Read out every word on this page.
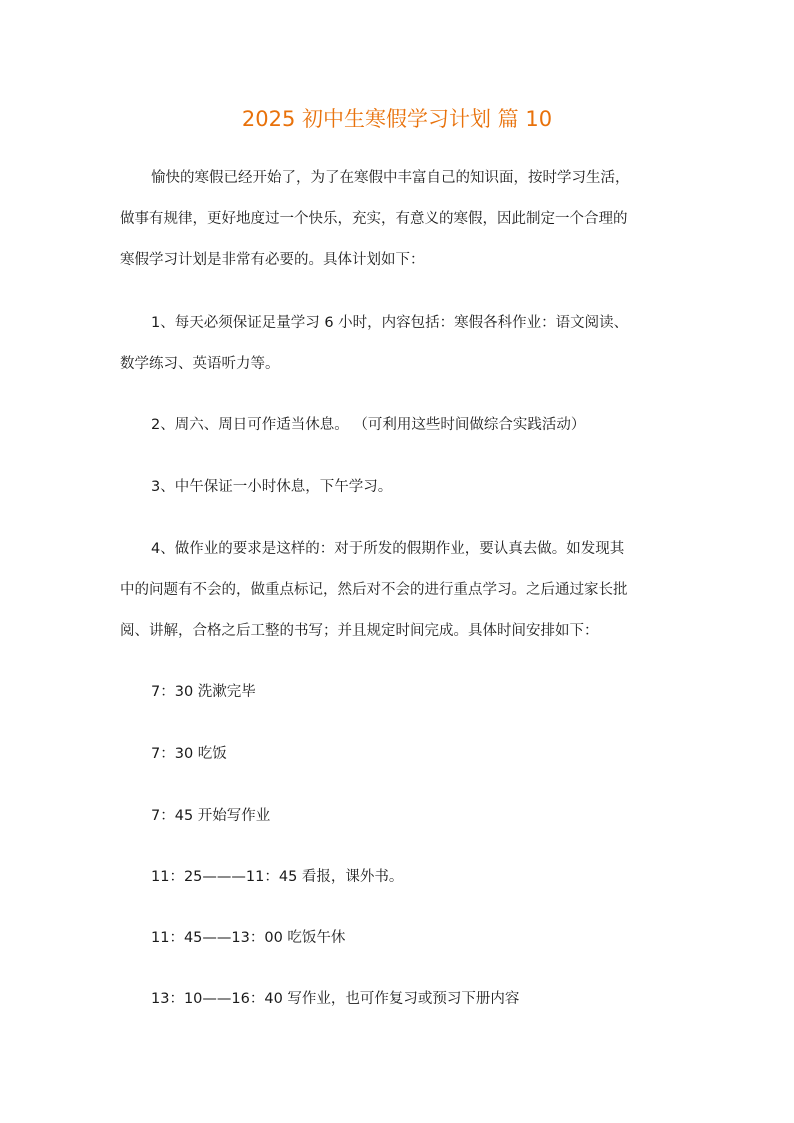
2025 初中生寒假学习计划 篇 10

愉快的寒假已经开始了，为了在寒假中丰富自己的知识面，按时学习生活，
做事有规律，更好地度过一个快乐，充实，有意义的寒假，因此制定一个合理的
寒假学习计划是非常有必要的。具体计划如下：

1、每天必须保证足量学习 6 小时，内容包括：寒假各科作业：语文阅读、
数学练习、英语听力等。

2、周六、周日可作适当休息。 （可利用这些时间做综合实践活动）

3、中午保证一小时休息，下午学习。

4、做作业的要求是这样的：对于所发的假期作业，要认真去做。如发现其
中的问题有不会的，做重点标记，然后对不会的进行重点学习。之后通过家长批
阅、讲解，合格之后工整的书写；并且规定时间完成。具体时间安排如下：

7：30 洗漱完毕

7：30 吃饭

7：45 开始写作业

11：25———11：45 看报，课外书。

11：45——13：00 吃饭午休

13：10——16：40 写作业，也可作复习或预习下册内容
